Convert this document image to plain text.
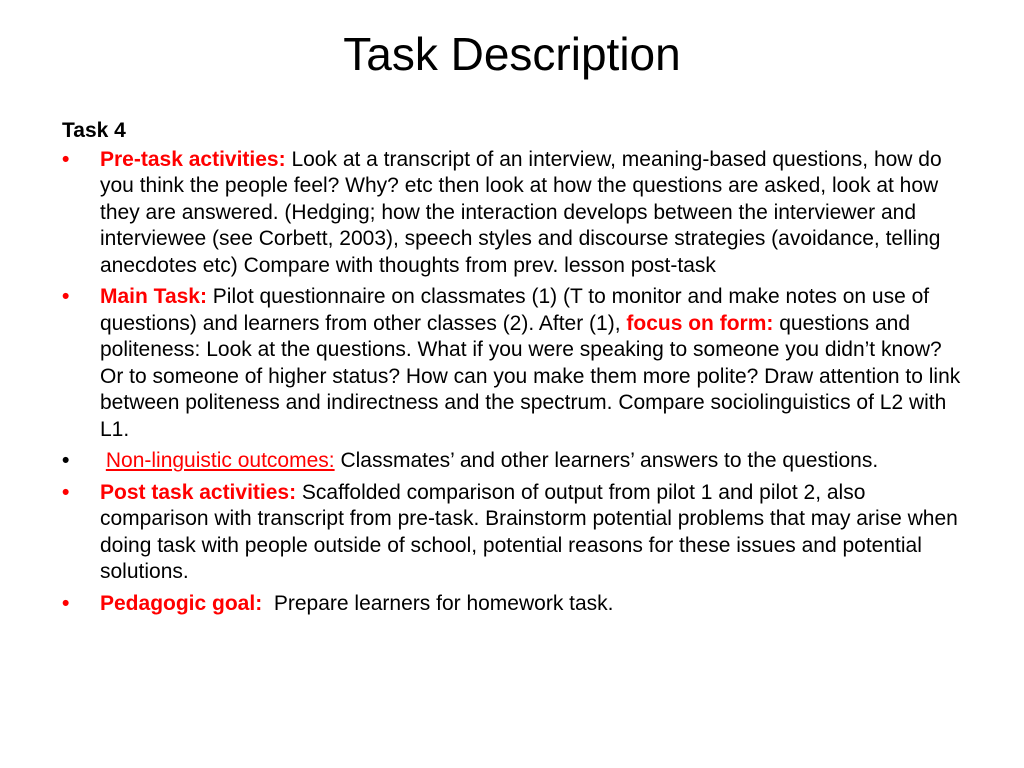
Task Description
Task 4
•	Pre-task activities: Look at a transcript of an interview, meaning-based questions, how do you think the people feel? Why? etc then look at how the questions are asked, look at how they are answered. (Hedging; how the interaction develops between the interviewer and interviewee (see Corbett, 2003), speech styles and discourse strategies (avoidance, telling anecdotes etc) Compare with thoughts from prev. lesson post-task
•	Main Task: Pilot questionnaire on classmates (1) (T to monitor and make notes on use of questions) and learners from other classes (2). After (1), focus on form: questions and politeness: Look at the questions. What if you were speaking to someone you didn’t know? Or to someone of higher status? How can you make them more polite? Draw attention to link between politeness and indirectness and the spectrum. Compare sociolinguistics of L2 with L1.
•	Non-linguistic outcomes: Classmates’ and other learners’ answers to the questions.
•	Post task activities: Scaffolded comparison of output from pilot 1 and pilot 2, also comparison with transcript from pre-task. Brainstorm potential problems that may arise when doing task with people outside of school, potential reasons for these issues and potential solutions.
•	Pedagogic goal:  Prepare learners for homework task.
